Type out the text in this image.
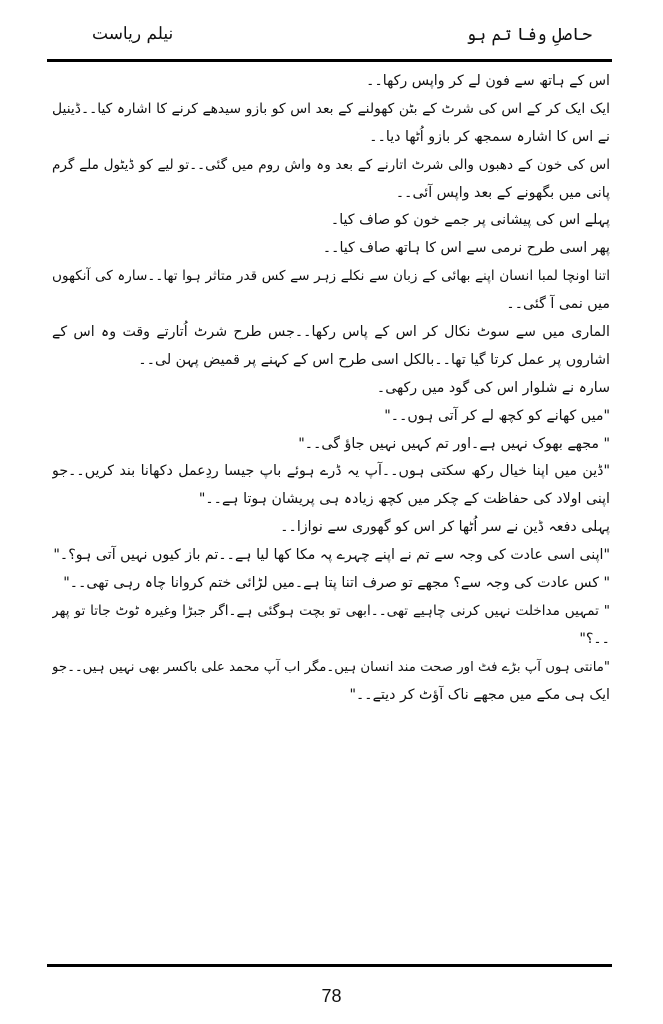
حاصلِ وفا تم ہو
نیلم ریاست
اس کے ہاتھ سے فون لے کر واپس رکھا۔۔
ایک ایک کر کے اس کی شرٹ کے بٹن کھولنے کے بعد اس کو بازو سیدھے کرنے کا اشارہ کیا۔۔ڈینیل
نے اس کا اشارہ سمجھ کر بازو اُٹھا دیا۔۔
اس کی خون کے دھبوں والی شرٹ اتارنے کے بعد وہ واش روم میں گئی۔۔تو لیے کو ڈیٹول ملے گرم
پانی میں بگھونے کے بعد واپس آئی۔۔
پہلے اس کی پیشانی پر جمے خون کو صاف کیا۔
پھر اسی طرح نرمی سے اس کا ہاتھ صاف کیا۔۔
اتنا اونچا لمبا انسان اپنے بھائی کے زبان سے نکلے زہر سے کس قدر متاثر ہوا تھا۔۔سارہ کی آنکھوں
میں نمی آ گئی۔۔
الماری میں سے سوٹ نکال کر اس کے پاس رکھا۔۔جس طرح شرٹ اُتارتے وقت وہ اس کے
اشاروں پر عمل کرتا گیا تھا۔۔بالکل اسی طرح اس کے کہنے پر قمیض پہن لی۔۔
سارہ نے شلوار اس کی گود میں رکھی۔
"میں کھانے کو کچھ لے کر آتی ہوں۔۔"
" مجھے بھوک نہیں ہے۔اور تم کہیں نہیں جاؤ گی۔۔"
"ڈین میں اپنا خیال رکھ سکتی ہوں۔۔آپ یہ ڈرے ہوئے باپ جیسا ردِعمل دکھانا بند کریں۔۔جو
اپنی اولاد کی حفاظت کے چکر میں کچھ زیادہ ہی پریشان ہوتا ہے۔۔"
پہلی دفعہ ڈین نے سر اُٹھا کر اس کو گھوری سے نوازا۔۔
"اپنی اسی عادت کی وجہ سے تم نے اپنے چہرے پہ مکا کھا لیا ہے۔۔تم باز کیوں نہیں آتی ہو؟۔"
" کس عادت کی وجہ سے؟ مجھے تو صرف اتنا پتا ہے۔میں لڑائی ختم کروانا چاہ رہی تھی۔۔"
" تمہیں مداخلت نہیں کرنی چاہیے تھی۔۔ابھی تو بچت ہوگئی ہے۔اگر جبڑا وغیرہ ٹوٹ جاتا تو پھر
۔۔؟"
"مانتی ہوں آپ بڑے فٹ اور صحت مند انسان ہیں۔مگر اب آپ محمد علی باکسر بھی نہیں ہیں۔۔جو
ایک ہی مکے میں مجھے ناک آؤٹ کر دیتے۔۔"
78
